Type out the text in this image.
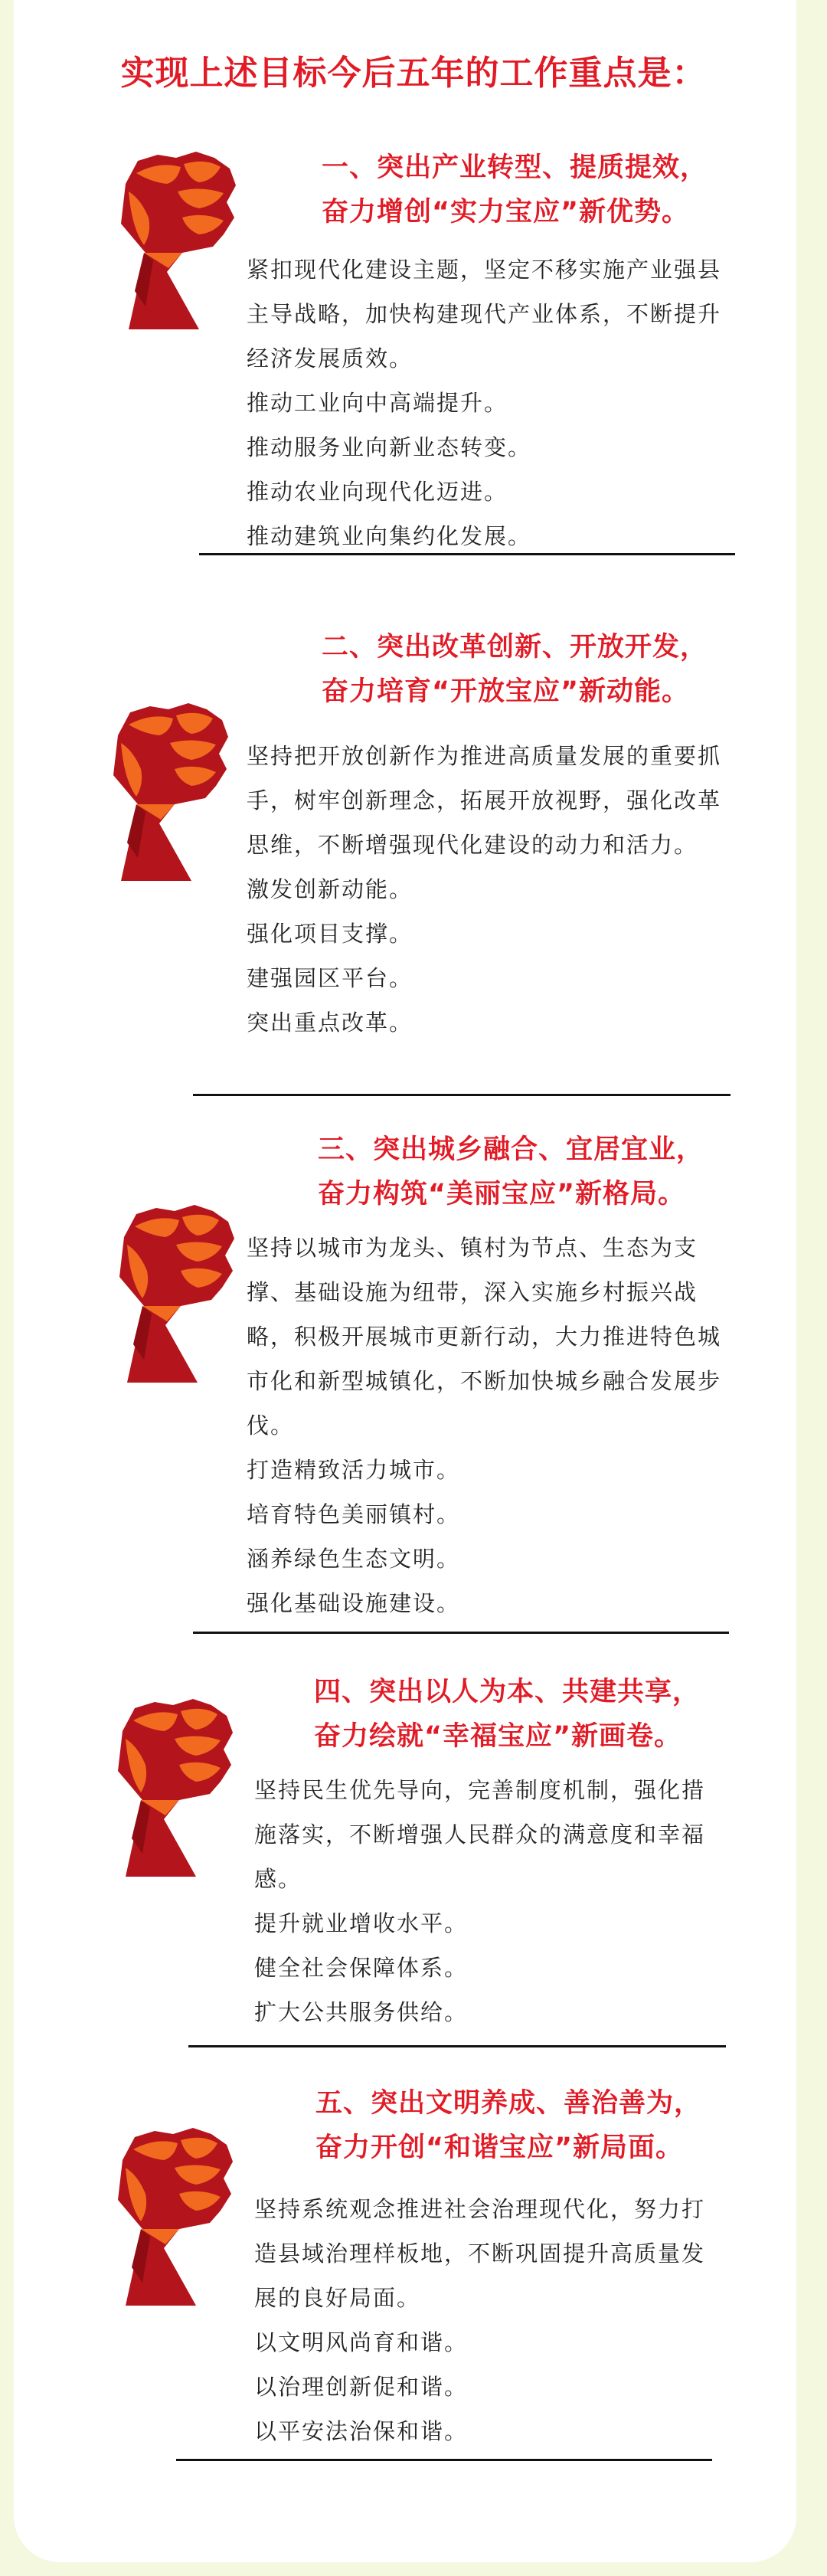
实现上述目标今后五年的工作重点是：
一、突出产业转型、提质提效，
奋力增创“实力宝应”新优势。

紧扣现代化建设主题，坚定不移实施产业强县主导战略，加快构建现代产业体系，不断提升经济发展质效。

推动工业向中高端提升。

推动服务业向新业态转变。

推动农业向现代化迈进。

推动建筑业向集约化发展。

二、突出改革创新、开放开发，
奋力培育“开放宝应”新动能。

坚持把开放创新作为推进高质量发展的重要抓手，树牢创新理念，拓展开放视野，强化改革思维，不断增强现代化建设的动力和活力。

激发创新动能。

强化项目支撑。

建强园区平台。

突出重点改革。

三、突出城乡融合、宜居宜业，
奋力构筑“美丽宝应”新格局。

坚持以城市为龙头、镇村为节点、生态为支撑、基础设施为纽带，深入实施乡村振兴战略，积极开展城市更新行动，大力推进特色城市化和新型城镇化，不断加快城乡融合发展步伐。

打造精致活力城市。

培育特色美丽镇村。

涵养绿色生态文明。

强化基础设施建设。

四、突出以人为本、共建共享，
奋力绘就“幸福宝应”新画卷。

坚持民生优先导向，完善制度机制，强化措施落实，不断增强人民群众的满意度和幸福感。

提升就业增收水平。

健全社会保障体系。

扩大公共服务供给。

五、突出文明养成、善治善为，
奋力开创“和谐宝应”新局面。

坚持系统观念推进社会治理现代化，努力打造县域治理样板地，不断巩固提升高质量发展的良好局面。

以文明风尚育和谐。

以治理创新促和谐。

以平安法治保和谐。
